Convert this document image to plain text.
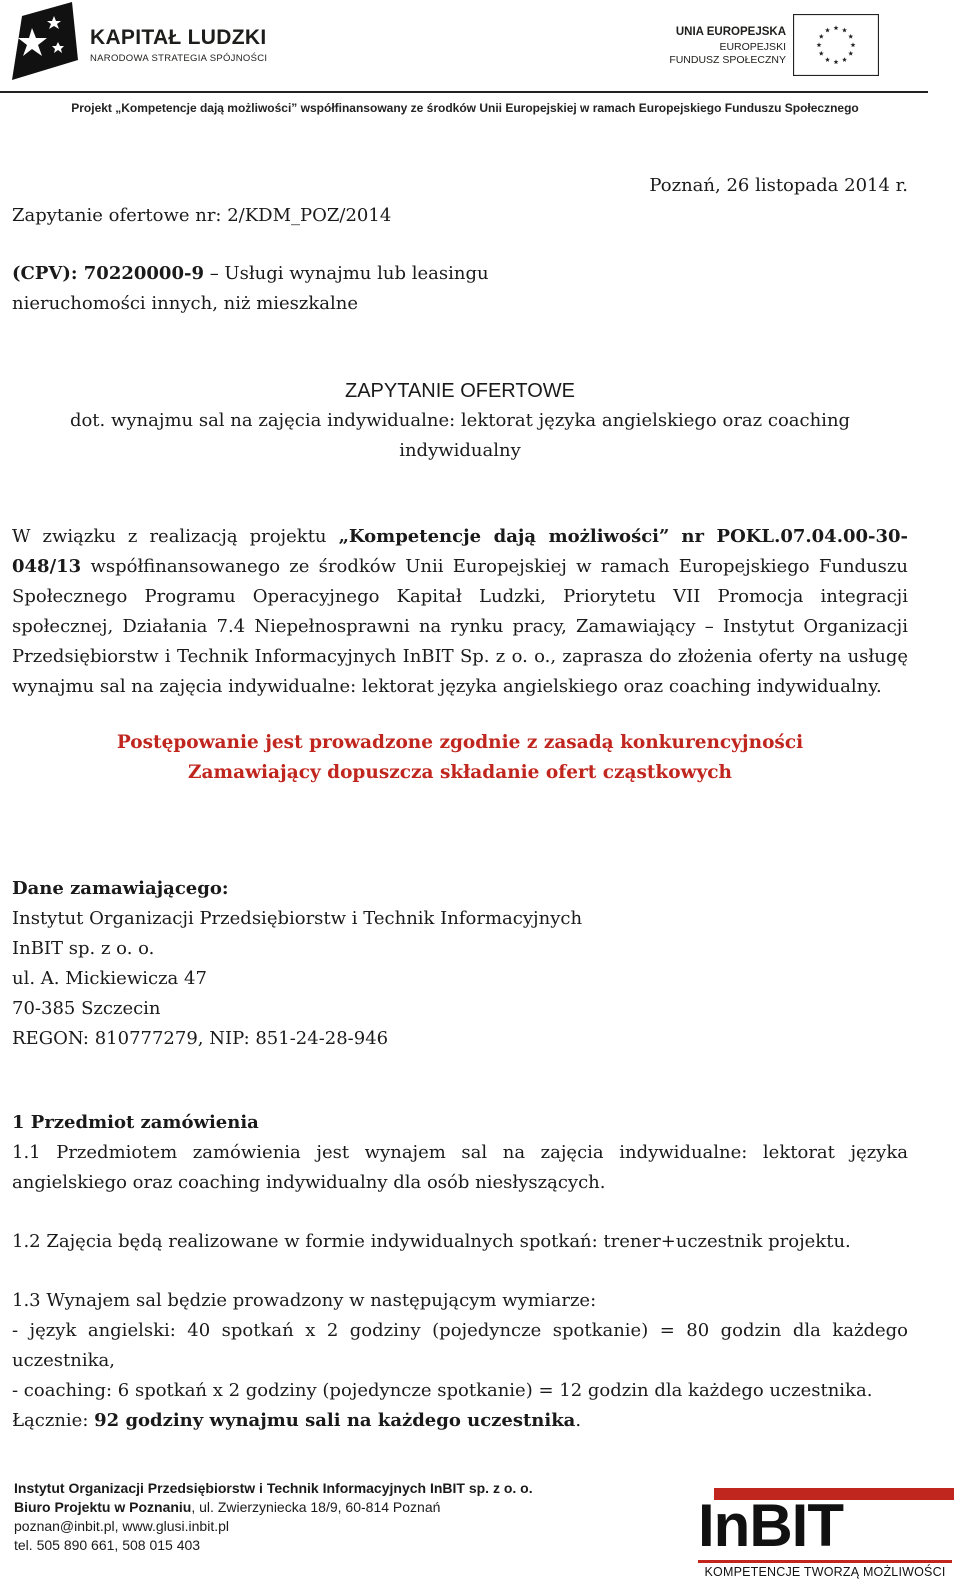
KAPITAŁ LUDZKI
NARODOWA STRATEGIA SPÓJNOŚCI
UNIA EUROPEJSKA
EUROPEJSKI
FUNDUSZ SPOŁECZNY
Projekt „Kompetencje dają możliwości” współfinansowany ze środków Unii Europejskiej w ramach Europejskiego Funduszu Społecznego
Poznań, 26 listopada 2014 r.
Zapytanie ofertowe nr: 2/KDM_POZ/2014
(CPV): 70220000-9 – Usługi wynajmu lub leasingu
nieruchomości innych, niż mieszkalne
ZAPYTANIE OFERTOWE
dot. wynajmu sal na zajęcia indywidualne: lektorat języka angielskiego oraz coaching
indywidualny
W związku z realizacją projektu „Kompetencje dają możliwości” nr POKL.07.04.00-30-048/13 współfinansowanego ze środków Unii Europejskiej w ramach Europejskiego Funduszu Społecznego Programu Operacyjnego Kapitał Ludzki, Priorytetu VII Promocja integracji społecznej, Działania 7.4 Niepełnosprawni na rynku pracy, Zamawiający – Instytut Organizacji Przedsiębiorstw i Technik Informacyjnych InBIT Sp. z o. o., zaprasza do złożenia oferty na usługę wynajmu sal na zajęcia indywidualne: lektorat języka angielskiego oraz coaching indywidualny.
Postępowanie jest prowadzone zgodnie z zasadą konkurencyjności
Zamawiający dopuszcza składanie ofert cząstkowych
Dane zamawiającego:
Instytut Organizacji Przedsiębiorstw i Technik Informacyjnych
InBIT sp. z o. o.
ul. A. Mickiewicza 47
70-385 Szczecin
REGON: 810777279, NIP: 851-24-28-946
1 Przedmiot zamówienia
1.1 Przedmiotem zamówienia jest wynajem sal na zajęcia indywidualne: lektorat języka angielskiego oraz coaching indywidualny dla osób niesłyszących.
1.2 Zajęcia będą realizowane w formie indywidualnych spotkań: trener+uczestnik projektu.
1.3 Wynajem sal będzie prowadzony w następującym wymiarze:
- język angielski: 40 spotkań x 2 godziny (pojedyncze spotkanie) = 80 godzin dla każdego uczestnika,
- coaching: 6 spotkań x 2 godziny (pojedyncze spotkanie) = 12 godzin dla każdego uczestnika.
Łącznie: 92 godziny wynajmu sali na każdego uczestnika.
Instytut Organizacji Przedsiębiorstw i Technik Informacyjnych InBIT sp. z o. o.
Biuro Projektu w Poznaniu, ul. Zwierzyniecka 18/9, 60-814 Poznań
poznan@inbit.pl, www.glusi.inbit.pl
tel. 505 890 661, 508 015 403	InBIT
KOMPETENCJE TWORZĄ MOŻLIWOŚCI
